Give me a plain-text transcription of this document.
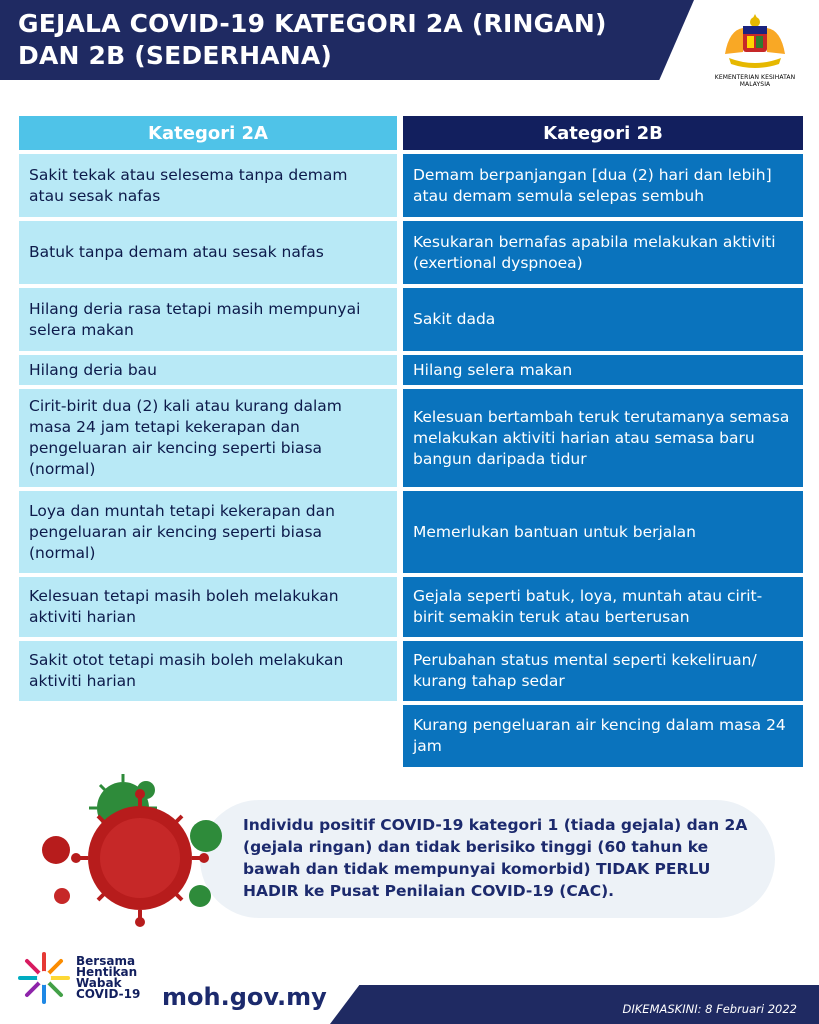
GEJALA COVID-19 KATEGORI 2A (RINGAN) DAN 2B (SEDERHANA)
KEMENTERIAN KESIHATAN MALAYSIA
Kategori 2A
Sakit tekak atau selesema tanpa demam atau sesak nafas
Batuk tanpa demam atau sesak nafas
Hilang deria rasa tetapi masih mempunyai selera makan
Hilang deria bau
Cirit-birit dua (2) kali atau kurang dalam masa 24 jam tetapi kekerapan dan pengeluaran air kencing seperti biasa (normal)
Loya dan muntah tetapi kekerapan dan pengeluaran air kencing seperti biasa (normal)
Kelesuan tetapi masih boleh melakukan aktiviti harian
Sakit otot tetapi masih boleh melakukan aktiviti harian
Kategori 2B
Demam berpanjangan [dua (2) hari dan lebih] atau demam semula selepas sembuh
Kesukaran bernafas apabila melakukan aktiviti (exertional dyspnoea)
Sakit dada
Hilang selera makan
Kelesuan bertambah teruk terutamanya semasa melakukan aktiviti harian atau semasa baru bangun daripada tidur
Memerlukan bantuan untuk berjalan
Gejala seperti batuk, loya, muntah atau cirit-birit semakin teruk atau berterusan
Perubahan status mental seperti kekeliruan/ kurang tahap sedar
Kurang pengeluaran air kencing dalam masa 24 jam
Individu positif COVID-19 kategori 1 (tiada gejala) dan 2A (gejala ringan) dan tidak berisiko tinggi (60 tahun ke bawah dan tidak mempunyai komorbid) TIDAK PERLU HADIR ke Pusat Penilaian COVID-19 (CAC).
Bersama
Hentikan
Wabak
COVID-19 moh.gov.my	DIKEMASKINI: 8 Februari 2022
